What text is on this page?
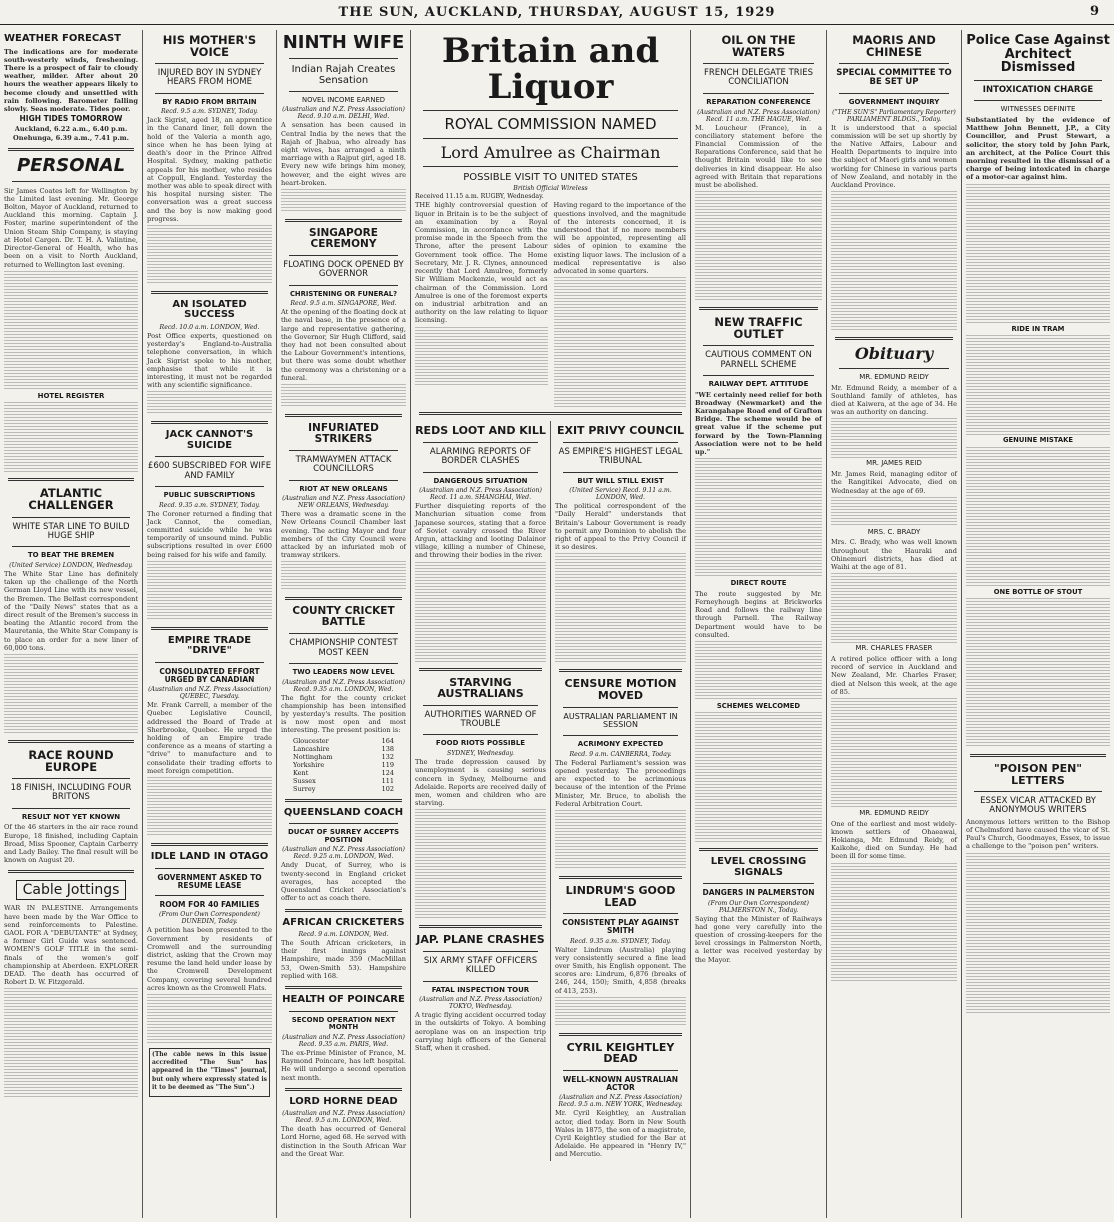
THE SUN, AUCKLAND, THURSDAY, AUGUST 15, 1929	9
WEATHER FORECAST

The indications are for moderate south-westerly winds, freshening. There is a prospect of fair to cloudy weather, milder. After about 20 hours the weather appears likely to become cloudy and unsettled with rain following. Barometer falling slowly. Seas moderate. Tides poor.

HIGH TIDES TOMORROW

Auckland, 6.22 a.m., 6.40 p.m. Onehunga, 6.39 a.m., 7.41 p.m.

PERSONAL

Sir James Coates left for Wellington by the Limited last evening. Mr. George Bolton, Mayor of Auckland, returned to Auckland this morning. Captain J. Foster, marine superintendent of the Union Steam Ship Company, is staying at Hotel Cargen. Dr. T. H. A. Valintine, Director-General of Health, who has been on a visit to North Auckland, returned to Wellington last evening.

HOTEL REGISTER
ATLANTIC CHALLENGER
WHITE STAR LINE TO BUILD HUGE SHIP
TO BEAT THE BREMEN
(United Service) LONDON, Wednesday.

The White Star Line has definitely taken up the challenge of the North German Lloyd Line with its new vessel, the Bremen. The Belfast correspondent of the "Daily News" states that as a direct result of the Bremen's success in beating the Atlantic record from the Mauretania, the White Star Company is to place an order for a new liner of 60,000 tons.

RACE ROUND EUROPE
18 FINISH, INCLUDING FOUR BRITONS
RESULT NOT YET KNOWN

Of the 46 starters in the air race round Europe, 18 finished, including Captain Broad, Miss Spooner, Captain Carberry and Lady Bailey. The final result will be known on August 20.

Cable Jottings

WAR IN PALESTINE. Arrangements have been made by the War Office to send reinforcements to Palestine. GAOL FOR A "DEBUTANTE" at Sydney, a former Girl Guide was sentenced. WOMEN'S GOLF TITLE in the semi-finals of the women's golf championship at Aberdeen. EXPLORER DEAD. The death has occurred of Robert D. W. Fitzgerald.

HIS MOTHER'S VOICE
INJURED BOY IN SYDNEY HEARS FROM HOME
BY RADIO FROM BRITAIN
Recd. 9.5 a.m. SYDNEY, Today.

Jack Sigrist, aged 18, an apprentice in the Canard liner, fell down the hold of the Valeria a month ago, since when he has been lying at death's door in the Prince Alfred Hospital. Sydney, making pathetic appeals for his mother, who resides at Coppull, England. Yesterday the mother was able to speak direct with his hospital nursing sister. The conversation was a great success and the boy is now making good progress.

AN ISOLATED SUCCESS
Recd. 10.0 a.m. LONDON, Wed.

Post Office experts, questioned on yesterday's England-to-Australia telephone conversation, in which Jack Sigrist spoke to his mother, emphasise that while it is interesting, it must not be regarded with any scientific significance.

JACK CANNOT'S SUICIDE
£600 SUBSCRIBED FOR WIFE AND FAMILY
PUBLIC SUBSCRIPTIONS
Recd. 9.35 a.m. SYDNEY, Today.

The Coroner returned a finding that Jack Cannot, the comedian, committed suicide while he was temporarily of unsound mind. Public subscriptions resulted in over £600 being raised for his wife and family.

EMPIRE TRADE "DRIVE"
CONSOLIDATED EFFORT URGED BY CANADIAN
(Australian and N.Z. Press Association) QUEBEC, Tuesday.

Mr. Frank Carrell, a member of the Quebec Legislative Council, addressed the Board of Trade at Sherbrooke, Quebec. He urged the holding of an Empire trade conference as a means of starting a "drive" to manufacture and to consolidate their trading efforts to meet foreign competition.

IDLE LAND IN OTAGO
GOVERNMENT ASKED TO RESUME LEASE
ROOM FOR 40 FAMILIES
(From Our Own Correspondent) DUNEDIN, Today.

A petition has been presented to the Government by residents of Cromwell and the surrounding district, asking that the Crown may resume the land held under lease by the Cromwell Development Company, covering several hundred acres known as the Cromwell Flats.

(The cable news in this issue accredited "The Sun" has appeared in the "Times" journal, but only where expressly stated is it to be deemed as "The Sun".)

NINTH WIFE
Indian Rajah Creates Sensation
NOVEL INCOME EARNED
(Australian and N.Z. Press Association) Recd. 9.10 a.m. DELHI, Wed.

A sensation has been caused in Central India by the news that the Rajah of Jhabua, who already has eight wives, has arranged a ninth marriage with a Rajput girl, aged 18. Every new wife brings him money, however, and the eight wives are heart-broken.

SINGAPORE CEREMONY
FLOATING DOCK OPENED BY GOVERNOR
CHRISTENING OR FUNERAL?
Recd. 9.5 a.m. SINGAPORE, Wed.

At the opening of the floating dock at the naval base, in the presence of a large and representative gathering, the Governor, Sir Hugh Clifford, said they had not been consulted about the Labour Government's intentions, but there was some doubt whether the ceremony was a christening or a funeral.

INFURIATED STRIKERS
TRAMWAYMEN ATTACK COUNCILLORS
RIOT AT NEW ORLEANS
(Australian and N.Z. Press Association) NEW ORLEANS, Wednesday.

There was a dramatic scene in the New Orleans Council Chamber last evening. The acting Mayor and four members of the City Council were attacked by an infuriated mob of tramway strikers.

COUNTY CRICKET BATTLE
CHAMPIONSHIP CONTEST MOST KEEN
TWO LEADERS NOW LEVEL
(Australian and N.Z. Press Association) Recd. 9.35 a.m. LONDON, Wed.

The fight for the county cricket championship has been intensified by yesterday's results. The position is now most open and most interesting. The present position is:

Gloucester	164
Lancashire	138
Nottingham	132
Yorkshire	119
Kent	124
Sussex	111
Surrey	102
QUEENSLAND COACH
DUCAT OF SURREY ACCEPTS POSITION
(Australian and N.Z. Press Association) Recd. 9.25 a.m. LONDON, Wed.

Andy Ducat, of Surrey, who is twenty-second in England cricket averages, has accepted the Queensland Cricket Association's offer to act as coach there.

AFRICAN CRICKETERS
Recd. 9 a.m. LONDON, Wed.

The South African cricketers, in their first innings against Hampshire, made 359 (MacMillan 53, Owen-Smith 53). Hampshire replied with 168.

HEALTH OF POINCARE
SECOND OPERATION NEXT MONTH
(Australian and N.Z. Press Association) Recd. 9.35 a.m. PARIS, Wed.

The ex-Prime Minister of France, M. Raymond Poincare, has left hospital. He will undergo a second operation next month.

LORD HORNE DEAD
(Australian and N.Z. Press Association) Recd. 9.5 a.m. LONDON, Wed.

The death has occurred of General Lord Horne, aged 68. He served with distinction in the South African War and the Great War.

Britain and Liquor
ROYAL COMMISSION NAMED
Lord Amulree as Chairman
POSSIBLE VISIT TO UNITED STATES
British Official Wireless
Received 11.15 a.m. RUGBY, Wednesday.

THE highly controversial question of liquor in Britain is to be the subject of an examination by a Royal Commission, in accordance with the promise made in the Speech from the Throne, after the present Labour Government took office. The Home Secretary, Mr. J. R. Clynes, announced recently that Lord Amulree, formerly Sir William Mackenzie, would act as chairman of the Commission. Lord Amulree is one of the foremost experts on industrial arbitration and an authority on the law relating to liquor licensing.

Having regard to the importance of the questions involved, and the magnitude of the interests concerned, it is understood that if no more members will be appointed, representing all sides of opinion to examine the existing liquor laws. The inclusion of a medical representative is also advocated in some quarters.

REDS LOOT AND KILL
ALARMING REPORTS OF BORDER CLASHES
DANGEROUS SITUATION
(Australian and N.Z. Press Association) Recd. 11 a.m. SHANGHAI, Wed.

Further disquieting reports of the Manchurian situation come from Japanese sources, stating that a force of Soviet cavalry crossed the River Argun, attacking and looting Dalainor village, killing a number of Chinese, and throwing their bodies in the river.

STARVING AUSTRALIANS
AUTHORITIES WARNED OF TROUBLE
FOOD RIOTS POSSIBLE
SYDNEY, Wednesday.

The trade depression caused by unemployment is causing serious concern in Sydney, Melbourne and Adelaide. Reports are received daily of men, women and children who are starving.

JAP. PLANE CRASHES
SIX ARMY STAFF OFFICERS KILLED
FATAL INSPECTION TOUR
(Australian and N.Z. Press Association) TOKYO, Wednesday.

A tragic flying accident occurred today in the outskirts of Tokyo. A bombing aeroplane was on an inspection trip carrying high officers of the General Staff, when it crashed.

EXIT PRIVY COUNCIL
AS EMPIRE'S HIGHEST LEGAL TRIBUNAL
BUT WILL STILL EXIST
(United Service) Recd. 9.11 a.m. LONDON, Wed.

The political correspondent of the "Daily Herald" understands that Britain's Labour Government is ready to permit any Dominion to abolish the right of appeal to the Privy Council if it so desires.

CENSURE MOTION MOVED
AUSTRALIAN PARLIAMENT IN SESSION
ACRIMONY EXPECTED
Recd. 9 a.m. CANBERRA, Today.

The Federal Parliament's session was opened yesterday. The proceedings are expected to be acrimonious because of the intention of the Prime Minister, Mr. Bruce, to abolish the Federal Arbitration Court.

LINDRUM'S GOOD LEAD
CONSISTENT PLAY AGAINST SMITH
Recd. 9.35 a.m. SYDNEY, Today.

Walter Lindrum (Australia) playing very consistently secured a fine lead over Smith, his English opponent. The scores are: Lindrum, 6,876 (breaks of 246, 244, 150); Smith, 4,858 (breaks of 413, 253).

CYRIL KEIGHTLEY DEAD
WELL-KNOWN AUSTRALIAN ACTOR
(Australian and N.Z. Press Association) Recd. 9.5 a.m. NEW YORK, Wednesday.

Mr. Cyril Keightley, an Australian actor, died today. Born in New South Wales in 1875, the son of a magistrate, Cyril Keightley studied for the Bar at Adelaide. He appeared in "Henry IV," and Mercutio.

OIL ON THE WATERS
FRENCH DELEGATE TRIES CONCILIATION
REPARATION CONFERENCE
(Australian and N.Z. Press Association) Recd. 11 a.m. THE HAGUE, Wed.

M. Loucheur (France), in a conciliatory statement before the Financial Commission of the Reparations Conference, said that he thought Britain would like to see deliveries in kind disappear. He also agreed with Britain that reparations must be abolished.

NEW TRAFFIC OUTLET
CAUTIOUS COMMENT ON PARNELL SCHEME
RAILWAY DEPT. ATTITUDE

"WE certainly need relief for both Broadway (Newmarket) and the Karangahape Road end of Grafton Bridge. The scheme would be of great value if the scheme put forward by the Town-Planning Association were not to be held up."

DIRECT ROUTE

The route suggested by Mr. Ferneyhough begins at Brickworks Road and follows the railway line through Parnell. The Railway Department would have to be consulted.

SCHEMES WELCOMED
LEVEL CROSSING SIGNALS
DANGERS IN PALMERSTON
(From Our Own Correspondent) PALMERSTON N., Today.

Saying that the Minister of Railways had gone very carefully into the question of crossing-keepers for the level crossings in Palmerston North, a letter was received yesterday by the Mayor.

MAORIS AND CHINESE
SPECIAL COMMITTEE TO BE SET UP
GOVERNMENT INQUIRY
("THE SUN'S" Parliamentary Reporter) PARLIAMENT BLDGS., Today.

It is understood that a special commission will be set up shortly by the Native Affairs, Labour and Health Departments to inquire into the subject of Maori girls and women working for Chinese in various parts of New Zealand, and notably in the Auckland Province.

Obituary
MR. EDMUND REIDY

Mr. Edmund Reidy, a member of a Southland family of athletes, has died at Kaiwera, at the age of 34. He was an authority on dancing.

MR. JAMES REID

Mr. James Reid, managing editor of the Rangitikei Advocate, died on Wednesday at the age of 69.

MRS. C. BRADY

Mrs. C. Brady, who was well known throughout the Hauraki and Ohinemuri districts, has died at Waihi at the age of 81.

MR. CHARLES FRASER

A retired police officer with a long record of service in Auckland and New Zealand, Mr. Charles Fraser, died at Nelson this week, at the age of 85.

MR. EDMUND REIDY

One of the earliest and most widely-known settlers of Ohaeawai, Hokianga, Mr. Edmund Reidy, of Kaikohe, died on Sunday. He had been ill for some time.

Police Case Against Architect Dismissed
INTOXICATION CHARGE
WITNESSES DEFINITE

Substantiated by the evidence of Matthew John Bennett, J.P., a City Councillor, and Prust Stewart, a solicitor, the story told by John Park, an architect, at the Police Court this morning resulted in the dismissal of a charge of being intoxicated in charge of a motor-car against him.

RIDE IN TRAM
GENUINE MISTAKE
ONE BOTTLE OF STOUT
"POISON PEN" LETTERS
ESSEX VICAR ATTACKED BY ANONYMOUS WRITERS

Anonymous letters written to the Bishop of Chelmsford have caused the vicar of St. Paul's Church, Goodmayes, Essex, to issue a challenge to the "poison pen" writers.
